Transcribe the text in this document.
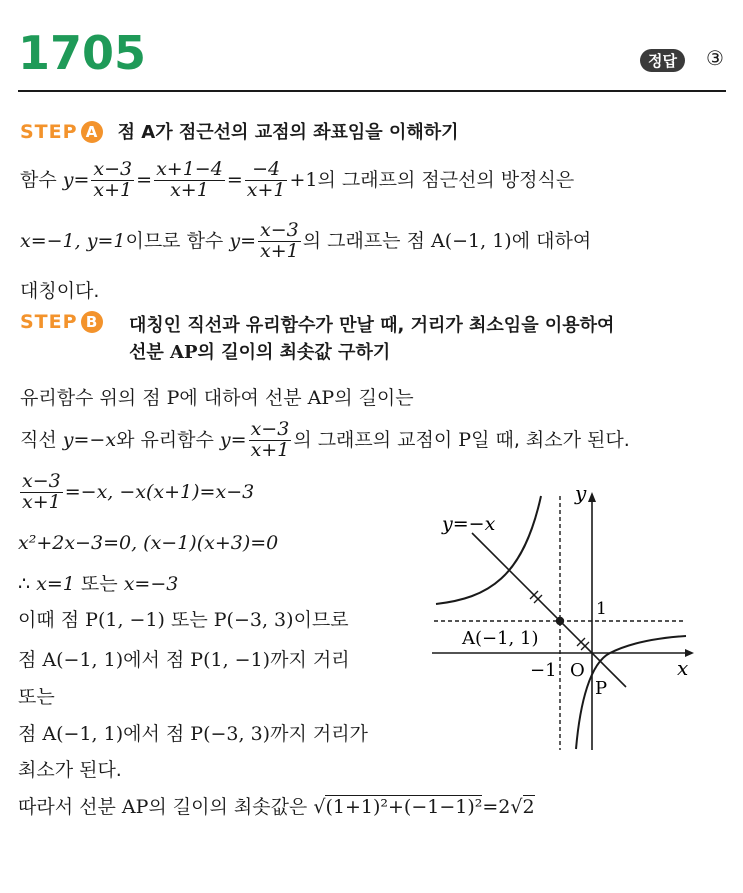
1705	정답	③
STEP A 점 A가 점근선의 교점의 좌표임을 이해하기
함수 $y= \frac{x-3}{x+1} = \frac{x+1-4}{x+1} = \frac{-4}{x+1} +1$의 그래프의 점근선의 방정식은
x=−1, y=1이므로 함수 $y= \frac{x-3}{x+1}$ 의 그래프는 점 A(−1, 1)에 대하여
대칭이다.
STEP B 대칭인 직선과 유리함수가 만날 때, 거리가 최소임을 이용하여
선분 AP의 길이의 최솟값 구하기
유리함수 위의 점 P에 대하여 선분 AP의 길이는
직선 y=−x와 유리함수 $y= \frac{x-3}{x+1}$ 의 그래프의 교점이 P일 때, 최소가 된다.
$\frac{x-3}{x+1} =-x$, −x(x+1)=x−3
x²+2x−3=0, (x−1)(x+3)=0
∴ x=1 또는 x=−3
이때 점 P(1, −1) 또는 P(−3, 3)이므로
점 A(−1, 1)에서 점 P(1, −1)까지 거리
또는
점 A(−1, 1)에서 점 P(−3, 3)까지 거리가
최소가 된다.
따라서 선분 AP의 길이의 최솟값은 √(1+1)²+(−1−1)²=2√2
y=−x
x
y
O
1
−1
A(−1, 1)
P
